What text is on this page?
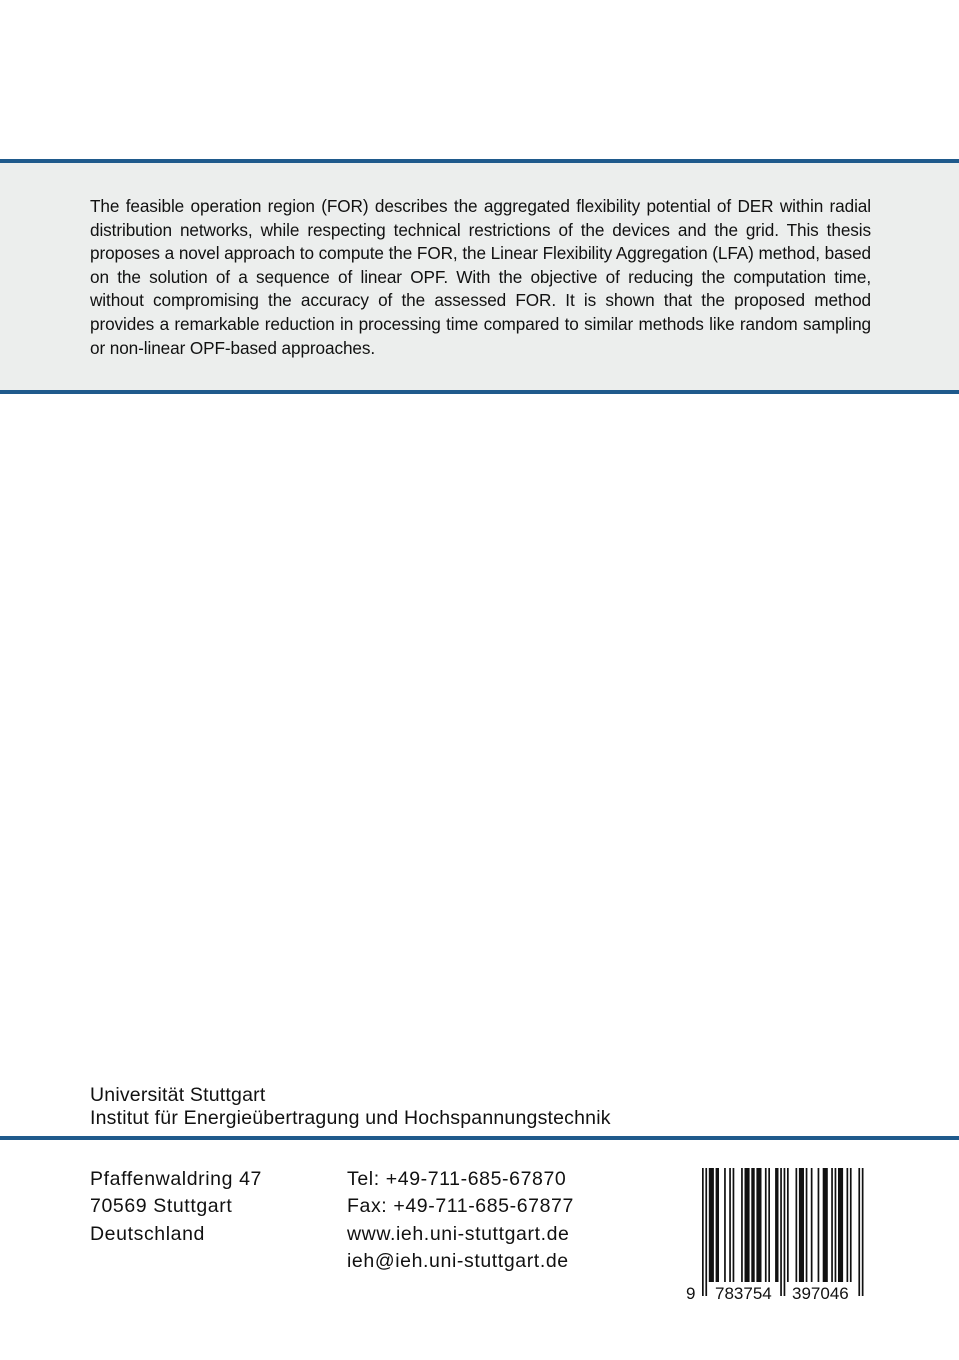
The feasible operation region (FOR) describes the aggregated flexibility potential of DER within radial distribution networks, while respecting technical restrictions of the devices and the grid. This thesis proposes a novel approach to compute the FOR, the Linear Flexibility Aggregation (LFA) method, based on the solution of a sequence of linear OPF. With the objective of reducing the computation time, without compromising the accuracy of the assessed FOR. It is shown that the proposed method provides a remarkable reduction in processing time compared to similar methods like random sampling or non-linear OPF-based approaches.

Universität Stuttgart
Institut für Energieübertragung und Hochspannungstechnik
Pfaffenwaldring 47
70569 Stuttgart
Deutschland
Tel: +49-711-685-67870
Fax: +49-711-685-67877
www.ieh.uni-stuttgart.de
ieh@ieh.uni-stuttgart.de
9 783754 397046
